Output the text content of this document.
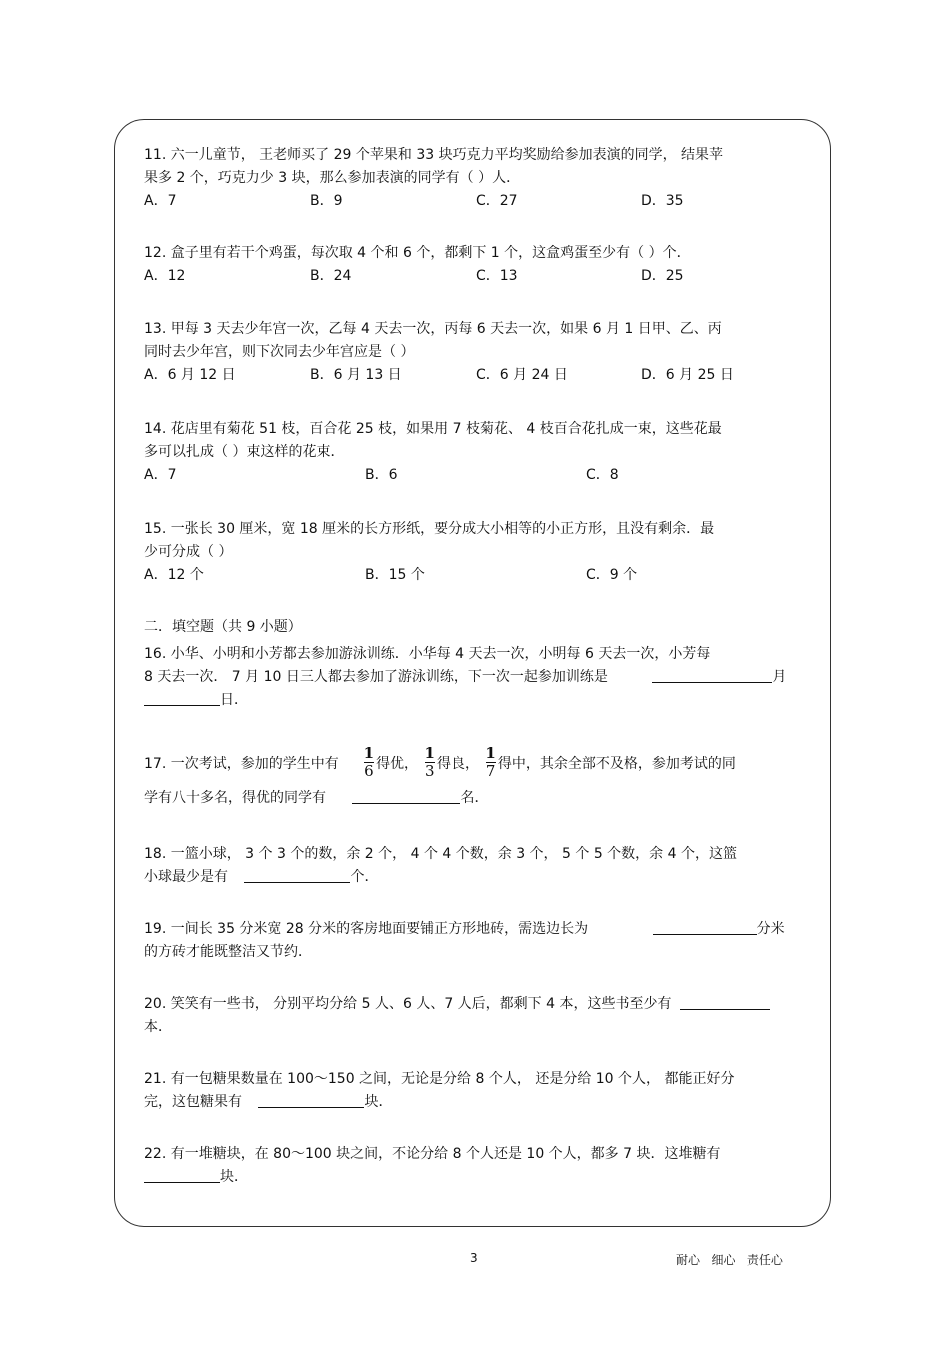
11. 六一儿童节， 王老师买了 29 个苹果和 33 块巧克力平均奖励给参加表演的同学， 结果苹

果多 2 个，巧克力少 3 块，那么参加表演的同学有（ ）人．

A．7	B．9	C．27	D．35

12. 盒子里有若干个鸡蛋，每次取 4 个和 6 个，都剩下 1 个，这盒鸡蛋至少有（ ）个．

A．12	B．24	C．13	D．25

13. 甲每 3 天去少年宫一次，乙每 4 天去一次，丙每 6 天去一次，如果 6 月 1 日甲、乙、丙

同时去少年宫，则下次同去少年宫应是（ ）

A．6 月 12 日	B．6 月 13 日	C．6 月 24 日	D．6 月 25 日

14. 花店里有菊花 51 枝，百合花 25 枝，如果用 7 枝菊花、 4 枝百合花扎成一束，这些花最

多可以扎成（ ）束这样的花束．

A．7	B．6	C．8

15. 一张长 30 厘米，宽 18 厘米的长方形纸，要分成大小相等的小正方形，且没有剩余．最

少可分成（ ）

A．12 个	B．15 个	C．9 个

二．填空题（共 9 小题）

16. 小华、小明和小芳都去参加游泳训练．小华每 4 天去一次，小明每 6 天去一次，小芳每

8 天去一次． 7 月 10 日三人都去参加了游泳训练，下一次一起参加训练是	月

日．

17. 一次考试，参加的学生中有 $\frac{1}{6}$ 得优， $\frac{1}{3}$ 得良， $\frac{1}{7}$ 得中，其余全部不及格，参加考试的同

学有八十多名，得优的同学有	名．

18. 一篮小球， 3 个 3 个的数，余 2 个， 4 个 4 个数，余 3 个， 5 个 5 个数，余 4 个，这篮

小球最少是有	个．

19. 一间长 35 分米宽 28 分米的客房地面要铺正方形地砖，需选边长为	分米

的方砖才能既整洁又节约．

20. 笑笑有一些书， 分别平均分给 5 人、6 人、7 人后，都剩下 4 本，这些书至少有

本．

21. 有一包糖果数量在 100～150 之间，无论是分给 8 个人， 还是分给 10 个人， 都能正好分

完，这包糖果有	块．

22. 有一堆糖块，在 80～100 块之间，不论分给 8 个人还是 10 个人，都多 7 块．这堆糖有

块．

3	耐心   细心   责任心
